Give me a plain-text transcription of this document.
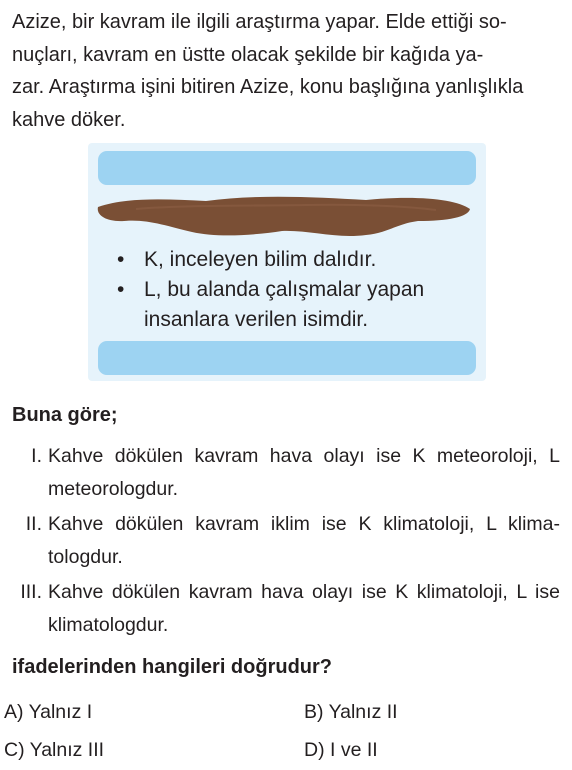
Azize, bir kavram ile ilgili araştırma yapar. Elde ettiği so-
nuçları, kavram en üstte olacak şekilde bir kağıda ya-
zar. Araştırma işini bitiren Azize, konu başlığına yanlışlıkla
kahve döker.
• K, inceleyen bilim dalıdır.
• L, bu alanda çalışmalar yapan insanlara verilen isimdir.
Buna göre;
I. Kahve dökülen kavram hava olayı ise K meteoroloji, L meteorologdur.
II. Kahve dökülen kavram iklim ise K klimatoloji, L klima-tologdur.
III. Kahve dökülen kavram hava olayı ise K klimatoloji, L ise klimatologdur.
ifadelerinden hangileri doğrudur?
A) Yalnız I	B) Yalnız II
C) Yalnız III	D) I ve II
